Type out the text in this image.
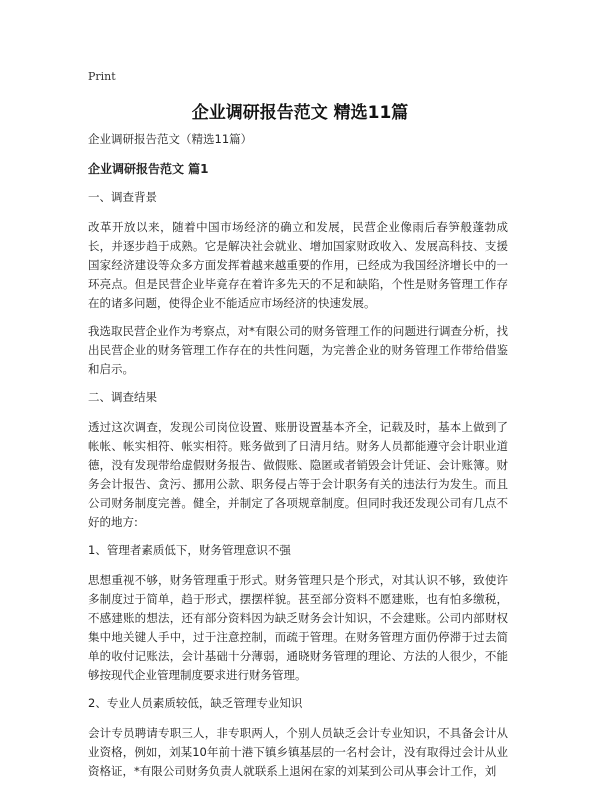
Print
企业调研报告范文 精选11篇

企业调研报告范文（精选11篇）

企业调研报告范文 篇1

一、调查背景

改革开放以来，随着中国市场经济的确立和发展，民营企业像雨后春笋般蓬勃成长，并逐步趋于成熟。它是解决社会就业、增加国家财政收入、发展高科技、支援国家经济建设等众多方面发挥着越来越重要的作用，已经成为我国经济增长中的一环亮点。但是民营企业毕竟存在着许多先天的不足和缺陷，个性是财务管理工作存在的诸多问题，使得企业不能适应市场经济的快速发展。

我选取民营企业作为考察点，对*有限公司的财务管理工作的问题进行调查分析，找出民营企业的财务管理工作存在的共性问题，为完善企业的财务管理工作带给借鉴和启示。

二、调查结果

透过这次调查，发现公司岗位设置、账册设置基本齐全，记载及时，基本上做到了帐帐、帐实相符、帐实相符。账务做到了日清月结。财务人员都能遵守会计职业道德，没有发现带给虚假财务报告、做假账、隐匿或者销毁会计凭证、会计账簿。财务会计报告、贪污、挪用公款、职务侵占等于会计职务有关的违法行为发生。而且公司财务制度完善。健全，并制定了各项规章制度。但同时我还发现公司有几点不好的地方:

1、管理者素质低下，财务管理意识不强

思想重视不够，财务管理重于形式。财务管理只是个形式，对其认识不够，致使许多制度过于简单，趋于形式，摆摆样貌。甚至部分资料不愿建账，也有怕多缴税，不感建账的想法，还有部分资料因为缺乏财务会计知识，不会建账。公司内部财权集中地关键人手中，过于注意控制，而疏于管理。在财务管理方面仍停滞于过去简单的收付记账法，会计基础十分薄弱，通晓财务管理的理论、方法的人很少，不能够按现代企业管理制度要求进行财务管理。

2、专业人员素质较低，缺乏管理专业知识

会计专员聘请专职三人，非专职两人，个别人员缺乏会计专业知识，不具备会计从业资格，例如，刘某10年前十港下镇乡镇基层的一名村会计，没有取得过会计从业资格证，*有限公司财务负责人就联系上退闲在家的刘某到公司从事会计工作，刘
